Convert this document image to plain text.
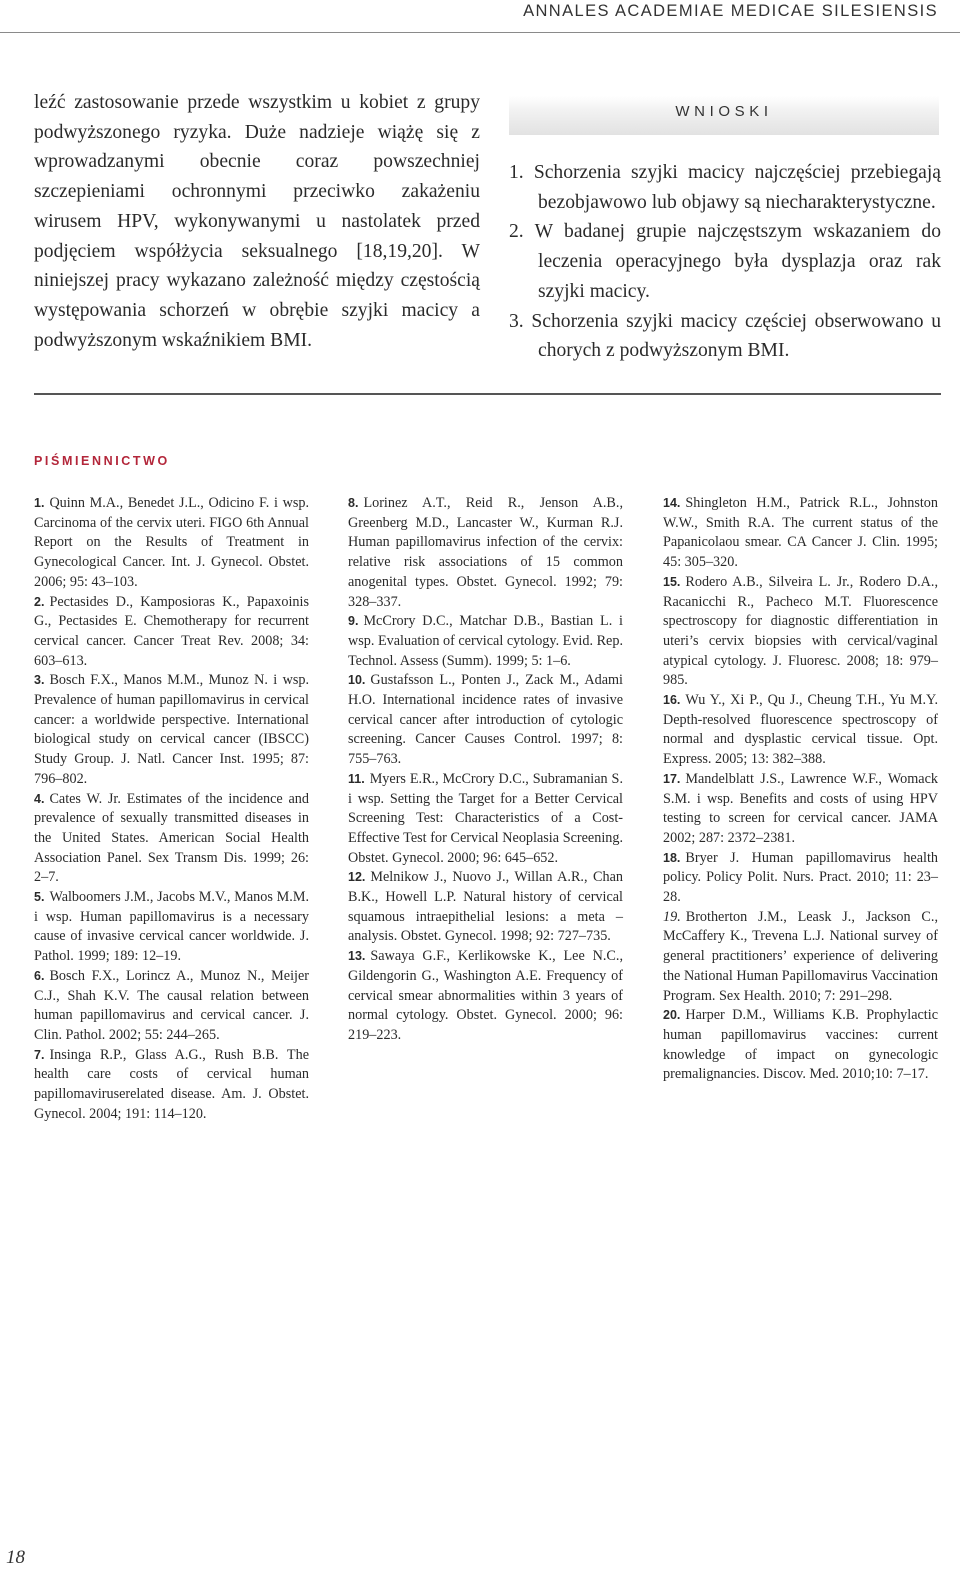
ANNALES ACADEMIAE MEDICAE SILESIENSIS

leźć zastosowanie przede wszystkim u kobiet z grupy podwyższonego ryzyka. Duże nadzieje wiążę się z wprowadzanymi obecnie coraz powszechniej szczepieniami ochronnymi przeciwko zakażeniu wirusem HPV, wykonywanymi u nastolatek przed podjęciem współżycia seksualnego [18,19,20]. W niniejszej pracy wykazano zależność między częstością występowania schorzeń w obrębie szyjki macicy a podwyższonym wskaźnikiem BMI.

WNIOSKI
1. Schorzenia szyjki macicy najczęściej przebiegają bezobjawowo lub objawy są niecharakterystyczne.
2. W badanej grupie najczęstszym wskazaniem do leczenia operacyjnego była dysplazja oraz rak szyjki macicy.
3. Schorzenia szyjki macicy częściej obserwowano u chorych z podwyższonym BMI.
PIŚMIENNICTWO

1. Quinn M.A., Benedet J.L., Odicino F. i wsp. Carcinoma of the cervix uteri. FIGO 6th Annual Report on the Results of Treatment in Gynecological Cancer. Int. J. Gynecol. Obstet. 2006; 95: 43–103.

2. Pectasides D., Kamposioras K., Papaxoinis G., Pectasides E. Chemotherapy for recurrent cervical cancer. Cancer Treat Rev. 2008; 34: 603–613.

3. Bosch F.X., Manos M.M., Munoz N. i wsp. Prevalence of human papillomavirus in cervical cancer: a worldwide perspective. International biological study on cervical cancer (IBSCC) Study Group. J. Natl. Cancer Inst. 1995; 87: 796–802.

4. Cates W. Jr. Estimates of the incidence and prevalence of sexually transmitted diseases in the United States. American Social Health Association Panel. Sex Transm Dis. 1999; 26: 2–7.

5. Walboomers J.M., Jacobs M.V., Manos M.M. i wsp. Human papillomavirus is a necessary cause of invasive cervical cancer worldwide. J. Pathol. 1999; 189: 12–19.

6. Bosch F.X., Lorincz A., Munoz N., Meijer C.J., Shah K.V. The causal relation between human papillomavirus and cervical cancer. J. Clin. Pathol. 2002; 55: 244–265.

7. Insinga R.P., Glass A.G., Rush B.B. The health care costs of cervical human papillomaviruserelated disease. Am. J. Obstet. Gynecol. 2004; 191: 114–120.

8. Lorinez A.T., Reid R., Jenson A.B., Greenberg M.D., Lancaster W., Kurman R.J. Human papillomavirus infection of the cervix: relative risk associations of 15 common anogenital types. Obstet. Gynecol. 1992; 79: 328–337.

9. McCrory D.C., Matchar D.B., Bastian L. i wsp. Evaluation of cervical cytology. Evid. Rep. Technol. Assess (Summ). 1999; 5: 1–6.

10. Gustafsson L., Ponten J., Zack M., Adami H.O. International incidence rates of invasive cervical cancer after introduction of cytologic screening. Cancer Causes Control. 1997; 8: 755–763.

11. Myers E.R., McCrory D.C., Subramanian S. i wsp. Setting the Target for a Better Cervical Screening Test: Characteristics of a Cost-Effective Test for Cervical Neoplasia Screening. Obstet. Gynecol. 2000; 96: 645–652.

12. Melnikow J., Nuovo J., Willan A.R., Chan B.K., Howell L.P. Natural history of cervical squamous intraepithelial lesions: a meta – analysis. Obstet. Gynecol. 1998; 92: 727–735.

13. Sawaya G.F., Kerlikowske K., Lee N.C., Gildengorin G., Washington A.E. Frequency of cervical smear abnormalities within 3 years of normal cytology. Obstet. Gynecol. 2000; 96: 219–223.

14. Shingleton H.M., Patrick R.L., Johnston W.W., Smith R.A. The current status of the Papanicolaou smear. CA Cancer J. Clin. 1995; 45: 305–320.

15. Rodero A.B., Silveira L. Jr., Rodero D.A., Racanicchi R., Pacheco M.T. Fluorescence spectroscopy for diagnostic differentiation in uteri’s cervix biopsies with cervical/vaginal atypical cytology. J. Fluoresc. 2008; 18: 979–985.

16. Wu Y., Xi P., Qu J., Cheung T.H., Yu M.Y. Depth-resolved fluorescence spectroscopy of normal and dysplastic cervical tissue. Opt. Express. 2005; 13: 382–388.

17. Mandelblatt J.S., Lawrence W.F., Womack S.M. i wsp. Benefits and costs of using HPV testing to screen for cervical cancer. JAMA 2002; 287: 2372–2381.

18. Bryer J. Human papillomavirus health policy. Policy Polit. Nurs. Pract. 2010; 11: 23–28.

19. Brotherton J.M., Leask J., Jackson C., McCaffery K., Trevena L.J. National survey of general practitioners’ experience of delivering the National Human Papillomavirus Vaccination Program. Sex Health. 2010; 7: 291–298.

20. Harper D.M., Williams K.B. Prophylactic human papillomavirus vaccines: current knowledge of impact on gynecologic premalignancies. Discov. Med. 2010;10: 7–17.

18
